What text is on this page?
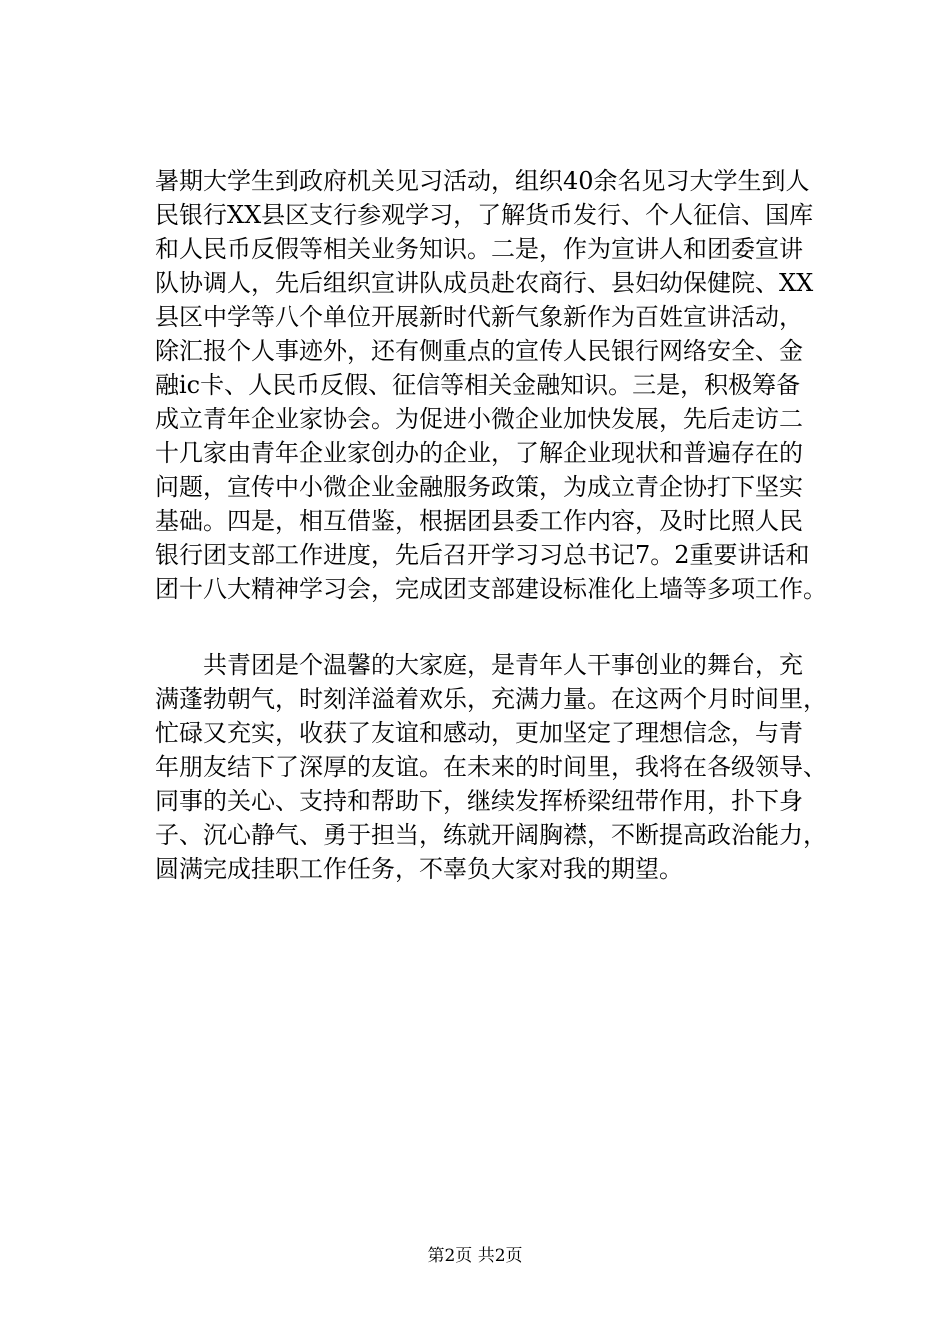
暑期大学生到政府机关见习活动，组织40余名见习大学生到人
民银行XX县区支行参观学习，了解货币发行、个人征信、国库
和人民币反假等相关业务知识。二是，作为宣讲人和团委宣讲
队协调人，先后组织宣讲队成员赴农商行、县妇幼保健院、XX
县区中学等八个单位开展新时代新气象新作为百姓宣讲活动，
除汇报个人事迹外，还有侧重点的宣传人民银行网络安全、金
融ic卡、人民币反假、征信等相关金融知识。三是，积极筹备
成立青年企业家协会。为促进小微企业加快发展，先后走访二
十几家由青年企业家创办的企业，了解企业现状和普遍存在的
问题，宣传中小微企业金融服务政策，为成立青企协打下坚实
基础。四是，相互借鉴，根据团县委工作内容，及时比照人民
银行团支部工作进度，先后召开学习习总书记7。2重要讲话和
团十八大精神学习会，完成团支部建设标准化上墙等多项工作。
　　共青团是个温馨的大家庭，是青年人干事创业的舞台，充
满蓬勃朝气，时刻洋溢着欢乐，充满力量。在这两个月时间里，
忙碌又充实，收获了友谊和感动，更加坚定了理想信念，与青
年朋友结下了深厚的友谊。在未来的时间里，我将在各级领导、
同事的关心、支持和帮助下，继续发挥桥梁纽带作用，扑下身
子、沉心静气、勇于担当，练就开阔胸襟，不断提高政治能力，
圆满完成挂职工作任务，不辜负大家对我的期望。
第2页 共2页
